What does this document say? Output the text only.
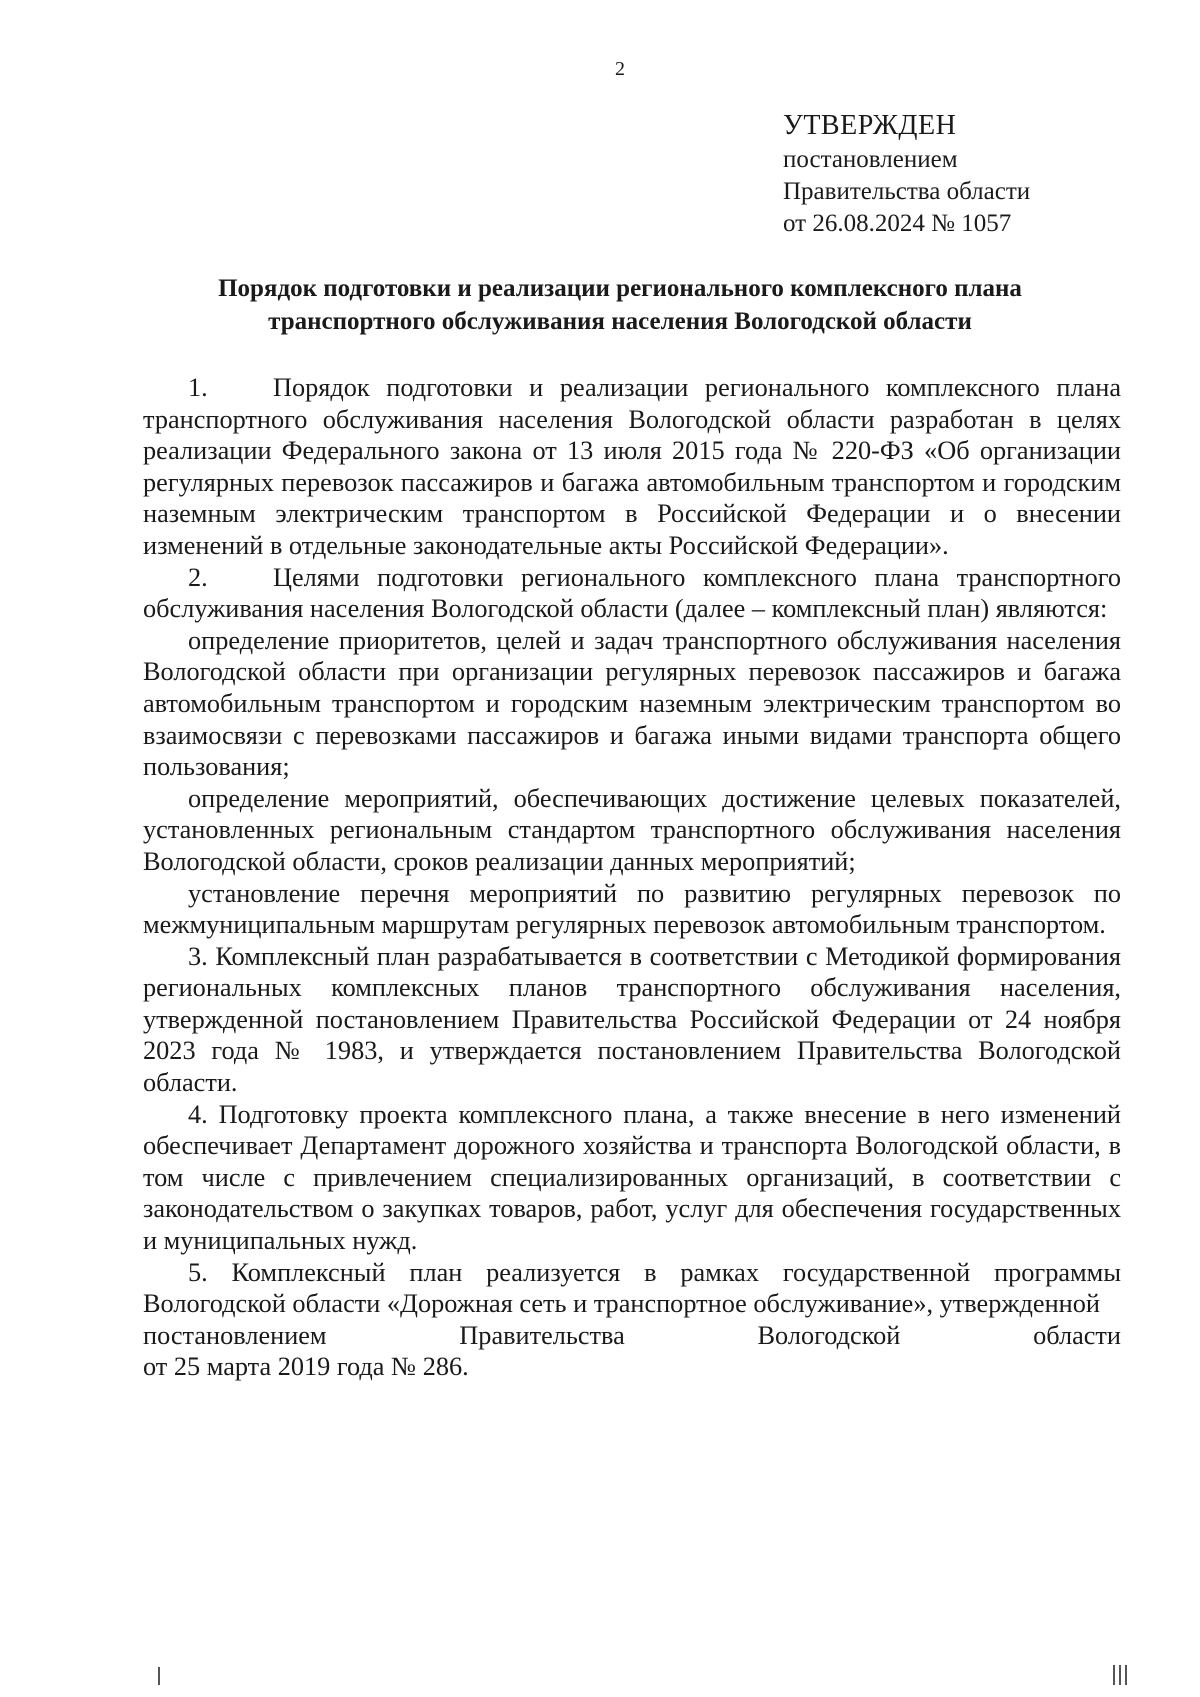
2
УТВЕРЖДЕН
постановлением
Правительства области
от 26.08.2024 № 1057
Порядок подготовки и реализации регионального комплексного плана
транспортного обслуживания населения Вологодской области

1. Порядок подготовки и реализации регионального комплексного плана транспортного обслуживания населения Вологодской области разработан в целях реализации Федерального закона от 13 июля 2015 года № 220-ФЗ «Об организации регулярных перевозок пассажиров и багажа автомобильным транспортом и городским наземным электрическим транспортом в Российской Федерации и о внесении изменений в отдельные законодательные акты Российской Федерации».

2. Целями подготовки регионального комплексного плана транспортного обслуживания населения Вологодской области (далее – комплексный план) являются:

определение приоритетов, целей и задач транспортного обслуживания населения Вологодской области при организации регулярных перевозок пассажиров и багажа автомобильным транспортом и городским наземным электрическим транспортом во взаимосвязи с перевозками пассажиров и багажа иными видами транспорта общего пользования;

определение мероприятий, обеспечивающих достижение целевых показателей, установленных региональным стандартом транспортного обслуживания населения Вологодской области, сроков реализации данных мероприятий;

установление перечня мероприятий по развитию регулярных перевозок по межмуниципальным маршрутам регулярных перевозок автомобильным транспортом.

3. Комплексный план разрабатывается в соответствии с Методикой формирования региональных комплексных планов транспортного обслуживания населения, утвержденной постановлением Правительства Российской Федерации от 24 ноября 2023 года № 1983, и утверждается постановлением Правительства Вологодской области.

4. Подготовку проекта комплексного плана, а также внесение в него изменений обеспечивает Департамент дорожного хозяйства и транспорта Вологодской области, в том числе с привлечением специализированных организаций, в соответствии с законодательством о закупках товаров, работ, услуг для обеспечения государственных и муниципальных нужд.

5. Комплексный план реализуется в рамках государственной программы Вологодской области «Дорожная сеть и транспортное обслуживание», утвержденной

постановлением Правительства Вологодской области

от 25 марта 2019 года № 286.
